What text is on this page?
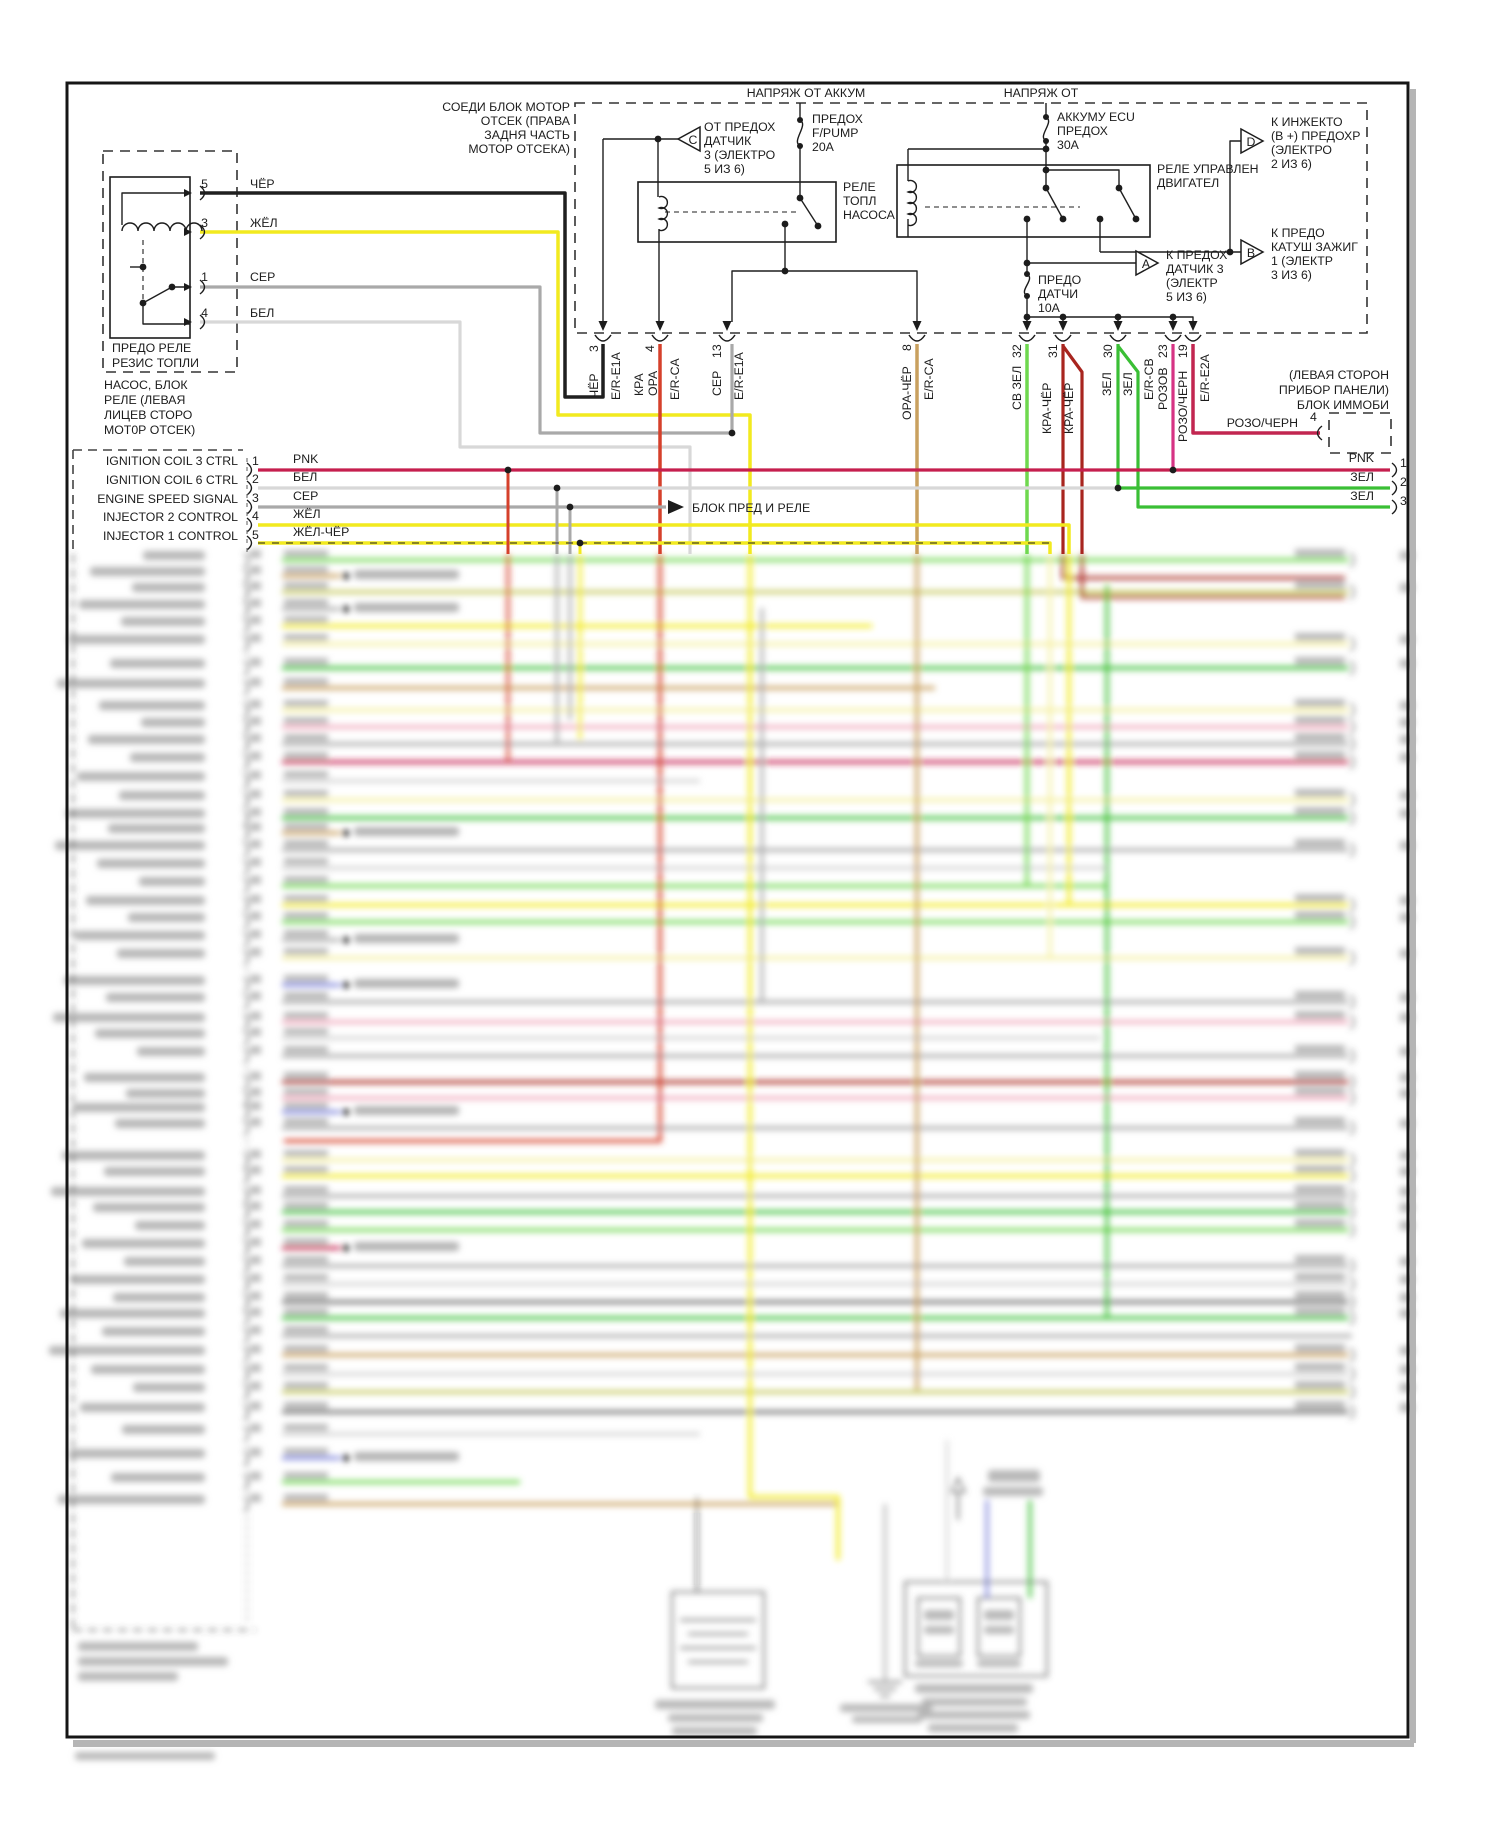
СОЕДИ БЛОК МОТОР
ОТСЕК (ПРАВА
ЗАДНЯ ЧАСТЬ
МОТОР ОТСЕКА)
НАПРЯЖ ОТ АККУМ	НАПРЯЖ ОТ
ОТ ПРЕДОХ
ДАТЧИК
3 (ЭЛЕКТРО
5 ИЗ 6)
ПРЕДОХ
F/PUMP
20А
РЕЛЕ
ТОПЛ
НАСОСА
АККУМУ ECU
ПРЕДОХ
30А
РЕЛЕ УПРАВЛЕН
ДВИГАТЕЛ
К ИНЖЕКТО
(В +) ПРЕДОХР
(ЭЛЕКТРО
2 ИЗ 6)
К ПРЕДО
КАТУШ ЗАЖИГ
1 (ЭЛЕКТР
3 ИЗ 6)
К ПРЕДОХ
ДАТЧИК 3
(ЭЛЕКТР
5 ИЗ 6)
ПРЕДО
ДАТЧИ
10А
ПРЕДО РЕЛЕ
РЕЗИС ТОПЛИ
НАСОС, БЛОК
РЕЛЕ (ЛЕВАЯ
ЛИЦЕВ СТОРО
МОТ0Р ОТСЕК)
5
3
1
4
ЧЁР
ЖЁЛ
СЕР
БЕЛ
C
A
B
D
3
ЧЁР E/R-E1A
4
КРА ОРА E/R-CA
13
СЕР E/R-E1A
8
ОРА-ЧЁР E/R-CA
32
СВ ЗЕЛ
31
КРА-ЧЁР КРА-ЧЁР
30
ЗЕЛ ЗЕЛ E/R-CB
23
РОЗОВ
19
РОЗО/ЧЕРН E/R-E2A	(ЛЕВАЯ СТОРОН
ПРИБОР ПАНЕЛИ)
БЛОК ИММОБИ
РОЗО/ЧЕРН 4
PNK 1
ЗЕЛ 2
ЗЕЛ 3
IGNITION COIL 3 CTRL
IGNITION COIL 6 CTRL
ENGINE SPEED SIGNAL
INJECTOR 2 CONTROL
INJECTOR 1 CONTROL
1
2
3
4
5
PNK
БЕЛ
СЕР
ЖЁЛ
ЖЁЛ-ЧЁР
БЛОК ПРЕД И РЕЛЕ
